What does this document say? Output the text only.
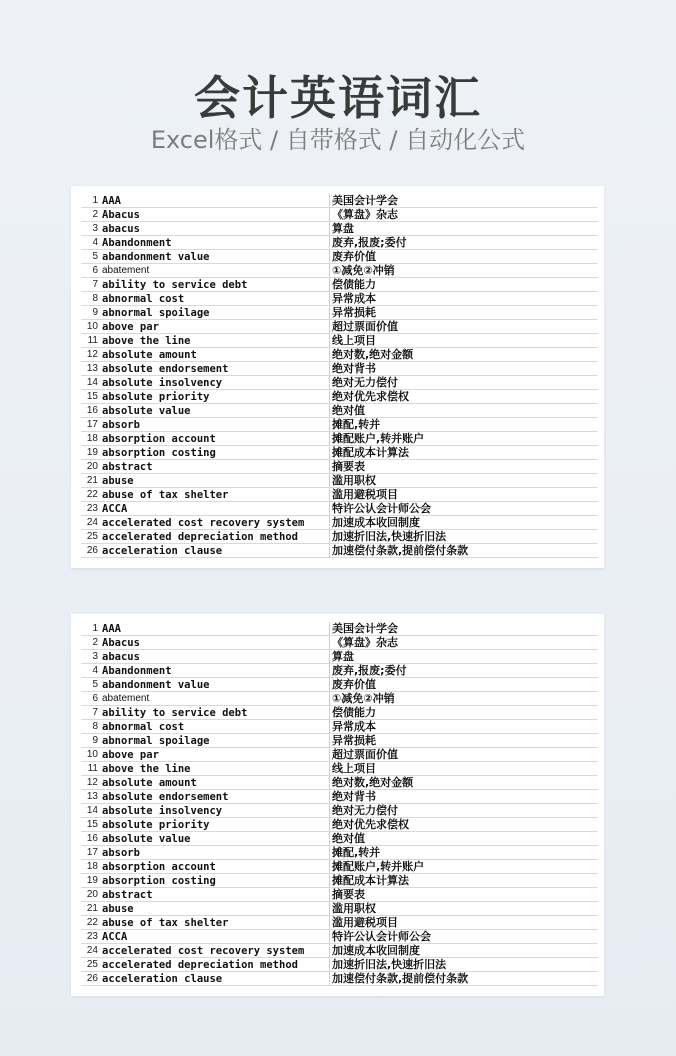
会计英语词汇
Excel格式 / 自带格式 / 自动化公式
1 AAA	美国会计学会
2 Abacus	《算盘》杂志
3 abacus	算盘
4 Abandonment	废弃,报废;委付
5 abandonment value	废弃价值
6 abatement	①减免②冲销
7 ability to service debt	偿债能力
8 abnormal cost	异常成本
9 abnormal spoilage	异常损耗
10 above par	超过票面价值
11 above the line	线上项目
12 absolute amount	绝对数,绝对金额
13 absolute endorsement	绝对背书
14 absolute insolvency	绝对无力偿付
15 absolute priority	绝对优先求偿权
16 absolute value	绝对值
17 absorb	摊配,转并
18 absorption account	摊配账户,转并账户
19 absorption costing	摊配成本计算法
20 abstract	摘要表
21 abuse	滥用职权
22 abuse of tax shelter	滥用避税项目
23 ACCA	特许公认会计师公会
24 accelerated cost recovery system	加速成本收回制度
25 accelerated depreciation method	加速折旧法,快速折旧法
26 acceleration clause	加速偿付条款,提前偿付条款
1 AAA	美国会计学会
2 Abacus	《算盘》杂志
3 abacus	算盘
4 Abandonment	废弃,报废;委付
5 abandonment value	废弃价值
6 abatement	①减免②冲销
7 ability to service debt	偿债能力
8 abnormal cost	异常成本
9 abnormal spoilage	异常损耗
10 above par	超过票面价值
11 above the line	线上项目
12 absolute amount	绝对数,绝对金额
13 absolute endorsement	绝对背书
14 absolute insolvency	绝对无力偿付
15 absolute priority	绝对优先求偿权
16 absolute value	绝对值
17 absorb	摊配,转并
18 absorption account	摊配账户,转并账户
19 absorption costing	摊配成本计算法
20 abstract	摘要表
21 abuse	滥用职权
22 abuse of tax shelter	滥用避税项目
23 ACCA	特许公认会计师公会
24 accelerated cost recovery system	加速成本收回制度
25 accelerated depreciation method	加速折旧法,快速折旧法
26 acceleration clause	加速偿付条款,提前偿付条款
